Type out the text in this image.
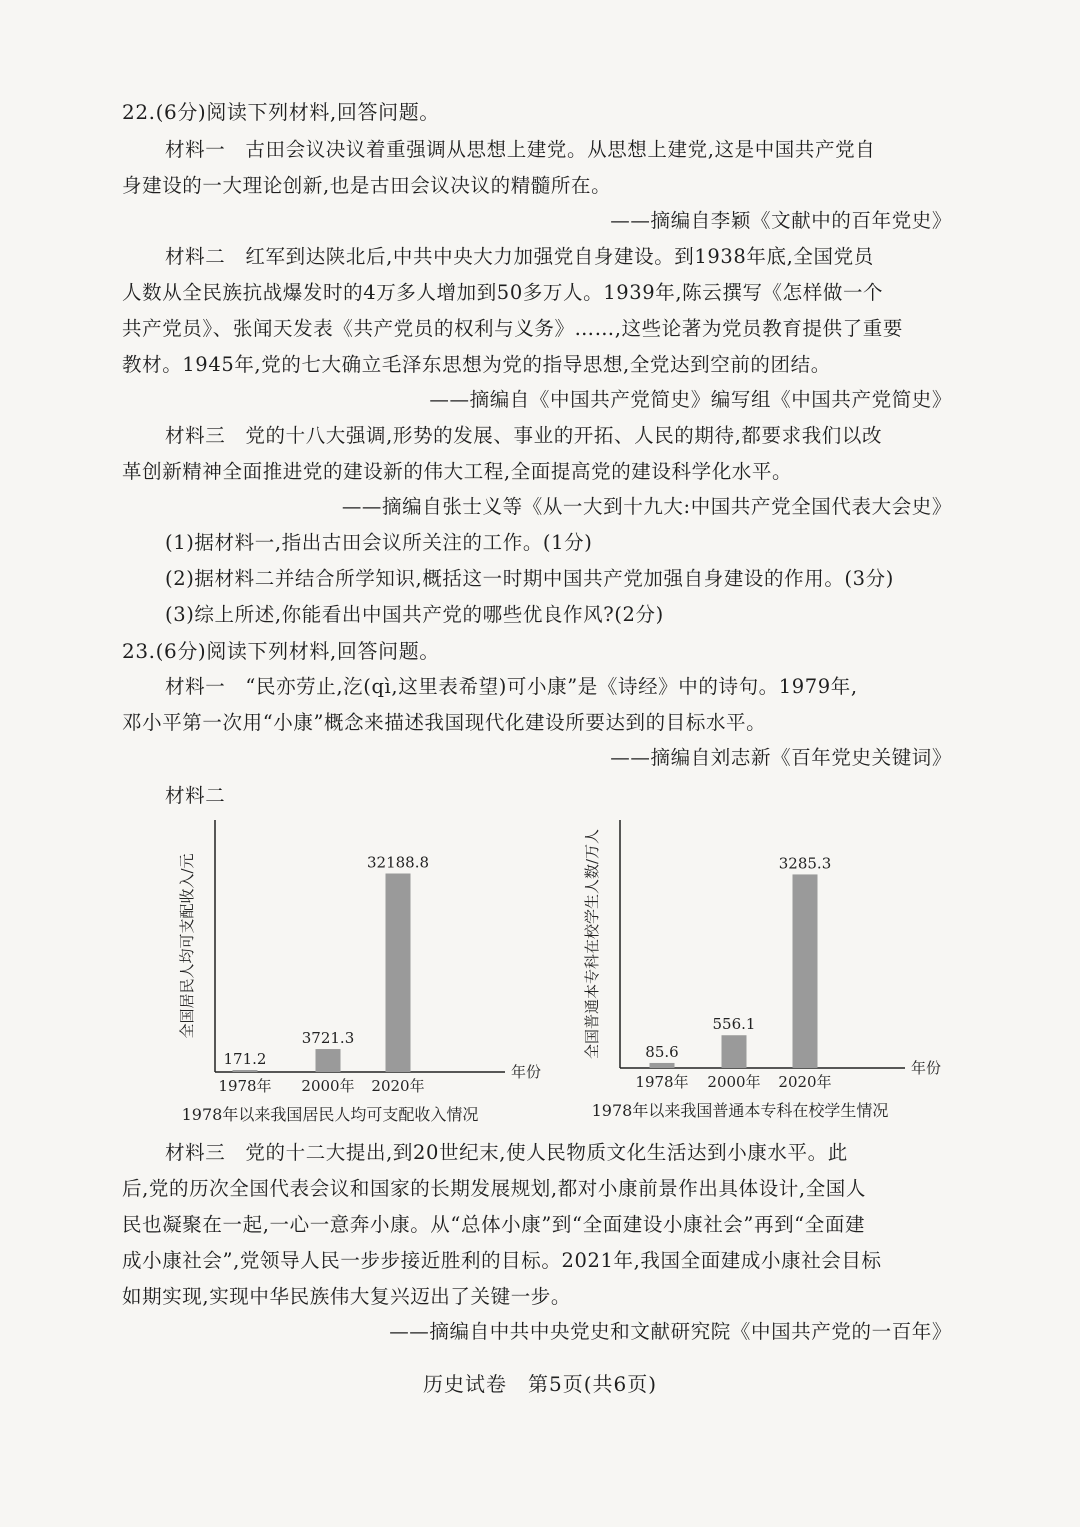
22.(6分)阅读下列材料,回答问题。
材料一　古田会议决议着重强调从思想上建党。从思想上建党,这是中国共产党自
身建设的一大理论创新,也是古田会议决议的精髓所在。
——摘编自李颖《文献中的百年党史》
材料二　红军到达陕北后,中共中央大力加强党自身建设。到1938年底,全国党员
人数从全民族抗战爆发时的4万多人增加到50多万人。1939年,陈云撰写《怎样做一个
共产党员》、张闻天发表《共产党员的权利与义务》……,这些论著为党员教育提供了重要
教材。1945年,党的七大确立毛泽东思想为党的指导思想,全党达到空前的团结。
——摘编自《中国共产党简史》编写组《中国共产党简史》
材料三　党的十八大强调,形势的发展、事业的开拓、人民的期待,都要求我们以改
革创新精神全面推进党的建设新的伟大工程,全面提高党的建设科学化水平。
——摘编自张士义等《从一大到十九大:中国共产党全国代表大会史》
(1)据材料一,指出古田会议所关注的工作。(1分)
(2)据材料二并结合所学知识,概括这一时期中国共产党加强自身建设的作用。(3分)
(3)综上所述,你能看出中国共产党的哪些优良作风?(2分)
23.(6分)阅读下列材料,回答问题。
材料一　“民亦劳止,汔(qì,这里表希望)可小康”是《诗经》中的诗句。1979年,
邓小平第一次用“小康”概念来描述我国现代化建设所要达到的目标水平。
——摘编自刘志新《百年党史关键词》
材料二
全国居民人均可支配收入/元
年份
171.2
1978年
3721.3
2000年
32188.8
2020年
1978年以来我国居民人均可支配收入情况
全国普通本专科在校学生人数/万人
年份
85.6
1978年
556.1
2000年
3285.3
2020年
1978年以来我国普通本专科在校学生情况
材料三　党的十二大提出,到20世纪末,使人民物质文化生活达到小康水平。此
后,党的历次全国代表会议和国家的长期发展规划,都对小康前景作出具体设计,全国人
民也凝聚在一起,一心一意奔小康。从“总体小康”到“全面建设小康社会”再到“全面建
成小康社会”,党领导人民一步步接近胜利的目标。2021年,我国全面建成小康社会目标
如期实现,实现中华民族伟大复兴迈出了关键一步。
——摘编自中共中央党史和文献研究院《中国共产党的一百年》
历史试卷　第5页(共6页)
